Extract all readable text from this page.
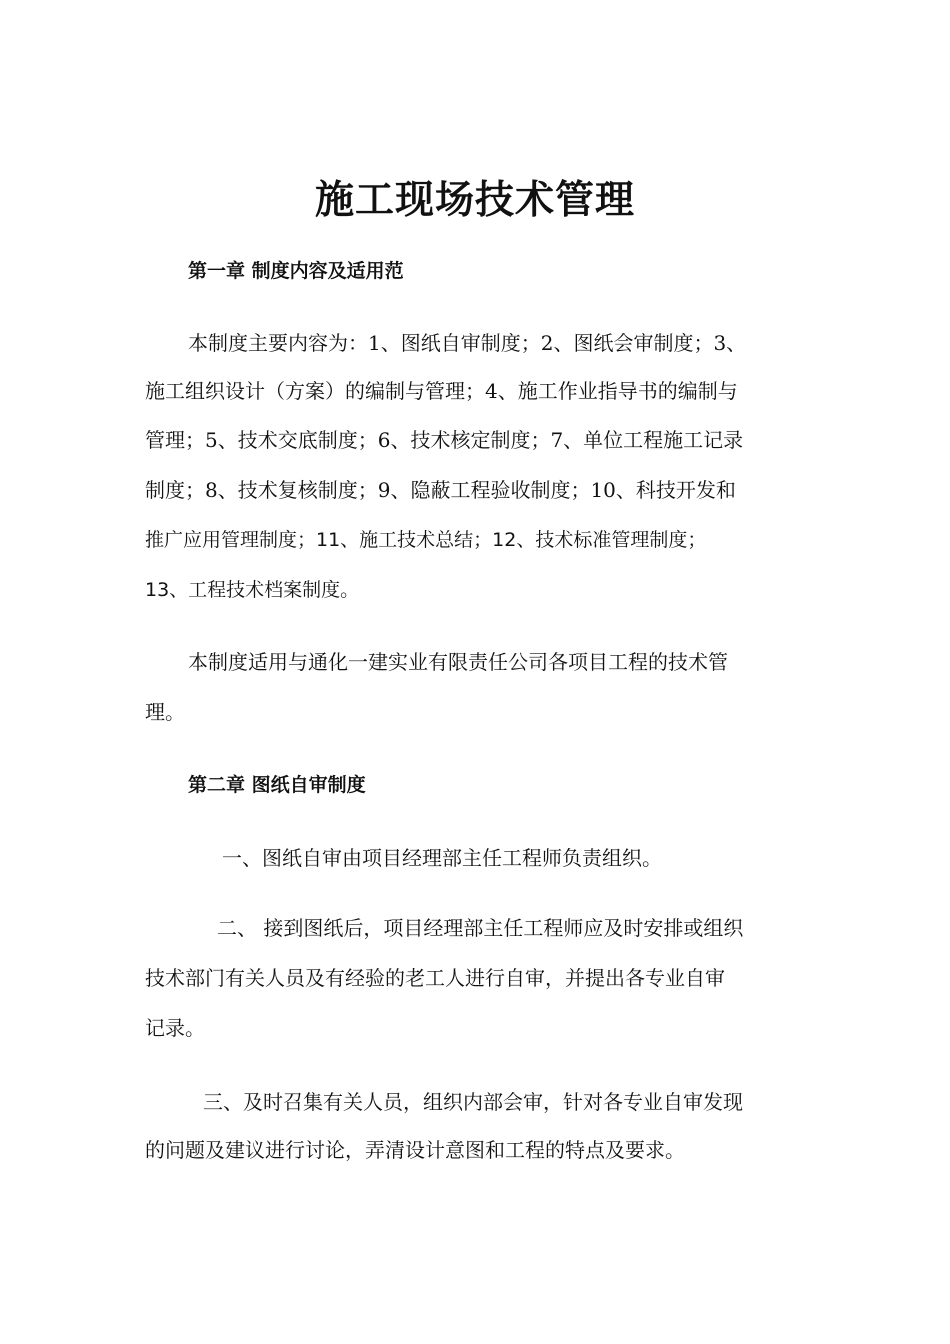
施工现场技术管理
第一章 制度内容及适用范

本制度主要内容为：1、图纸自审制度；2、图纸会审制度；3、

施工组织设计（方案）的编制与管理；4、施工作业指导书的编制与

管理；5、技术交底制度；6、技术核定制度；7、单位工程施工记录

制度；8、技术复核制度；9、隐蔽工程验收制度；10、科技开发和

推广应用管理制度；11、施工技术总结；12、技术标准管理制度；

13、工程技术档案制度。

本制度适用与通化一建实业有限责任公司各项目工程的技术管

理。

第二章 图纸自审制度

一、图纸自审由项目经理部主任工程师负责组织。

二、 接到图纸后，项目经理部主任工程师应及时安排或组织

技术部门有关人员及有经验的老工人进行自审，并提出各专业自审

记录。

三、及时召集有关人员，组织内部会审，针对各专业自审发现

的问题及建议进行讨论，弄清设计意图和工程的特点及要求。
